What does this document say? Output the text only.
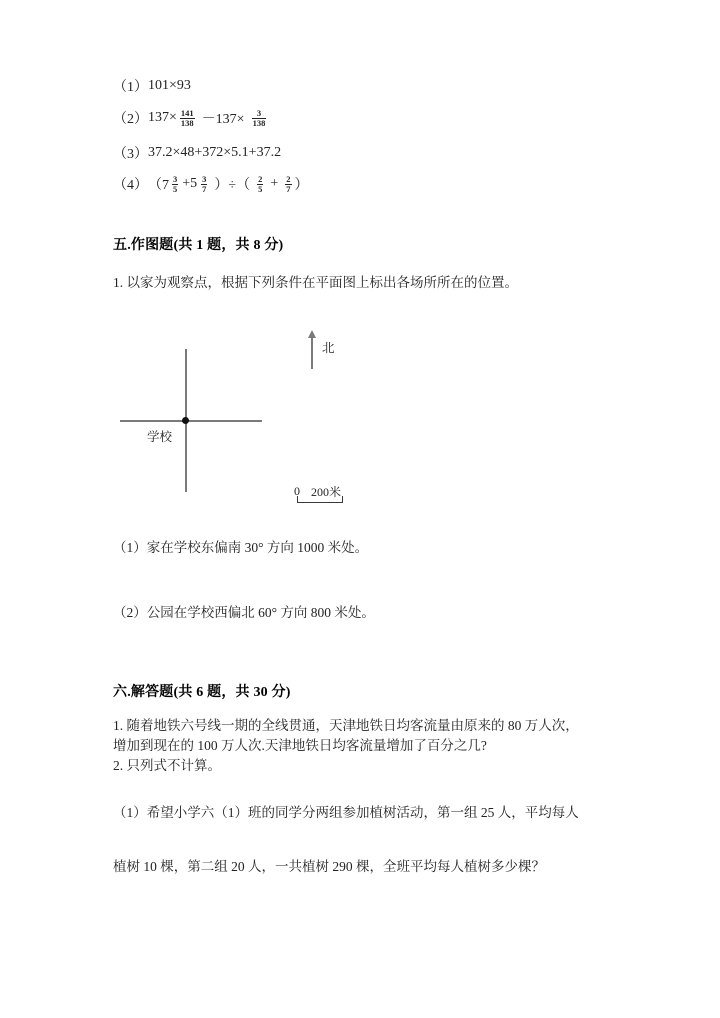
（1） 101×93
（2） $137\times \frac{141}{138} -137\times \frac{3}{138}$
（3） 37.2×48+372×5.1+37.2
（4） （$7 \frac{3}{5} +5 \frac{3}{7}$ ）÷（ $\frac{2}{5} + \frac{2}{7}$ ）
五.作图题(共 1 题，共 8 分)
1. 以家为观察点，根据下列条件在平面图上标出各场所所在的位置。
学校
北
0 200米
（1）家在学校东偏南 30° 方向 1000 米处。
（2）公园在学校西偏北 60° 方向 800 米处。
六.解答题(共 6 题，共 30 分)
1. 随着地铁六号线一期的全线贯通，天津地铁日均客流量由原来的 80 万人次，
增加到现在的 100 万人次.天津地铁日均客流量增加了百分之几?
2. 只列式不计算。
（1）希望小学六（1）班的同学分两组参加植树活动，第一组 25 人，平均每人
植树 10 棵，第二组 20 人，一共植树 290 棵，全班平均每人植树多少棵？
